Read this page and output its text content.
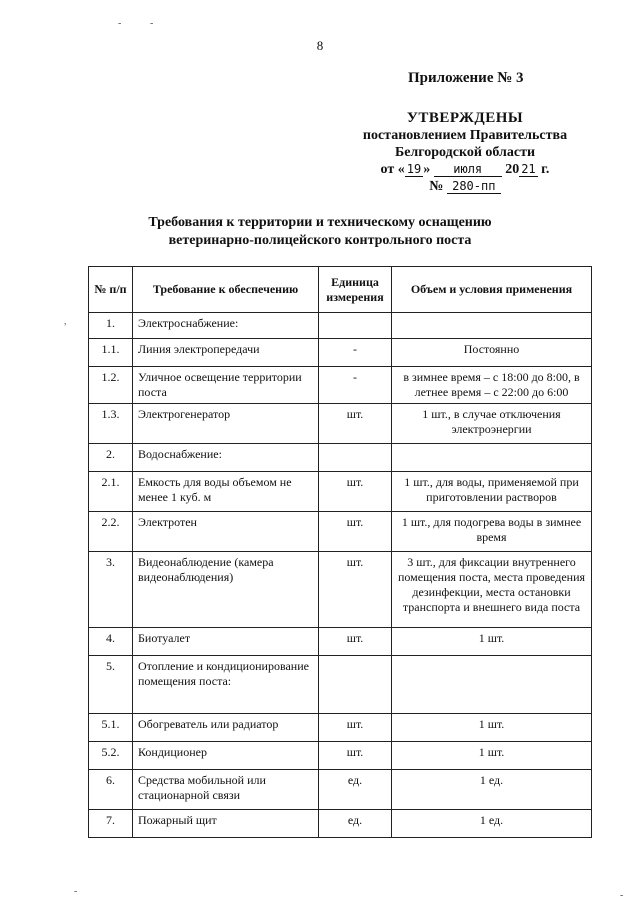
-	-
,
-	-
8
Приложение № 3
УТВЕРЖДЕНЫ
постановлением Правительства
Белгородской области
от « 19 » июля 20 21 г.
№ 280-пп
Требования к территории и техническому оснащению
ветеринарно-полицейского контрольного поста
№ п/п	Требование к обеспечению	Единица измерения	Объем и условия применения
1.	Электроснабжение:		
1.1.	Линия электропередачи	-	Постоянно
1.2.	Уличное освещение территории поста	-	в зимнее время – с 18:00 до 8:00, в летнее время – с 22:00 до 6:00
1.3.	Электрогенератор	шт.	1 шт., в случае отключения электроэнергии
2.	Водоснабжение:		
2.1.	Емкость для воды объемом не менее 1 куб. м	шт.	1 шт., для воды, применяемой при приготовлении растворов
2.2.	Электротен	шт.	1 шт., для подогрева воды в зимнее время
3.	Видеонаблюдение (камера видеонаблюдения)	шт.	3 шт., для фиксации внутреннего помещения поста, места проведения дезинфекции, места остановки транспорта и внешнего вида поста
4.	Биотуалет	шт.	1 шт.
5.	Отопление и кондиционирование помещения поста:		
5.1.	Обогреватель или радиатор	шт.	1 шт.
5.2.	Кондиционер	шт.	1 шт.
6.	Средства мобильной или стационарной связи	ед.	1 ед.
7.	Пожарный щит	ед.	1 ед.
